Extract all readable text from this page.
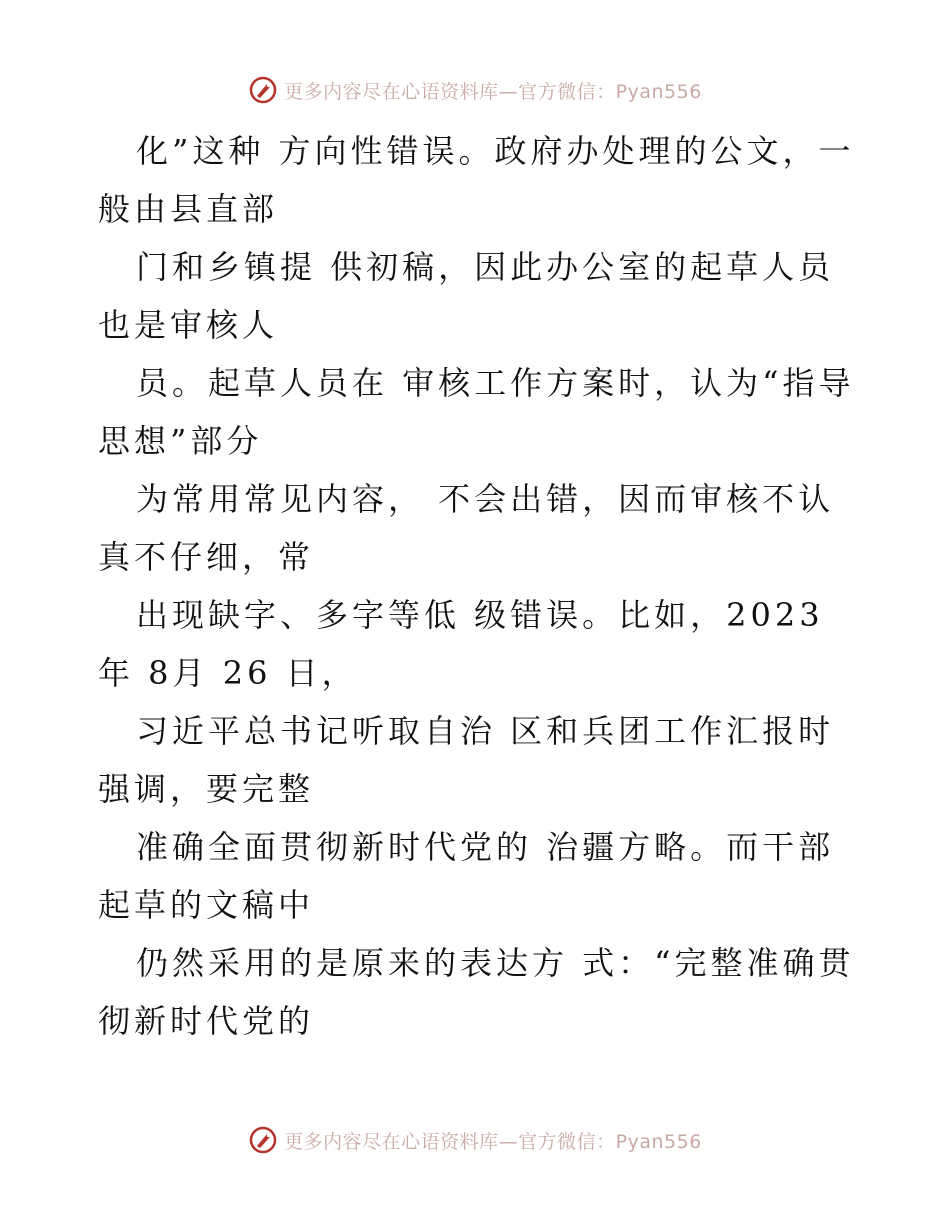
更多内容尽在心语资料库—官方微信：Pyan556

化”这种 方向性错误。政府办处理的公文，一般由县直部

门和乡镇提 供初稿，因此办公室的起草人员也是审核人

员。起草人员在 审核工作方案时，认为“指导思想”部分

为常用常见内容， 不会出错，因而审核不认真不仔细，常

出现缺字、多字等低 级错误。比如，2023 年 8月 26 日，

习近平总书记听取自治 区和兵团工作汇报时强调，要完整

准确全面贯彻新时代党的 治疆方略。而干部起草的文稿中

仍然采用的是原来的表达方 式：“完整准确贯彻新时代党的

更多内容尽在心语资料库—官方微信：Pyan556
